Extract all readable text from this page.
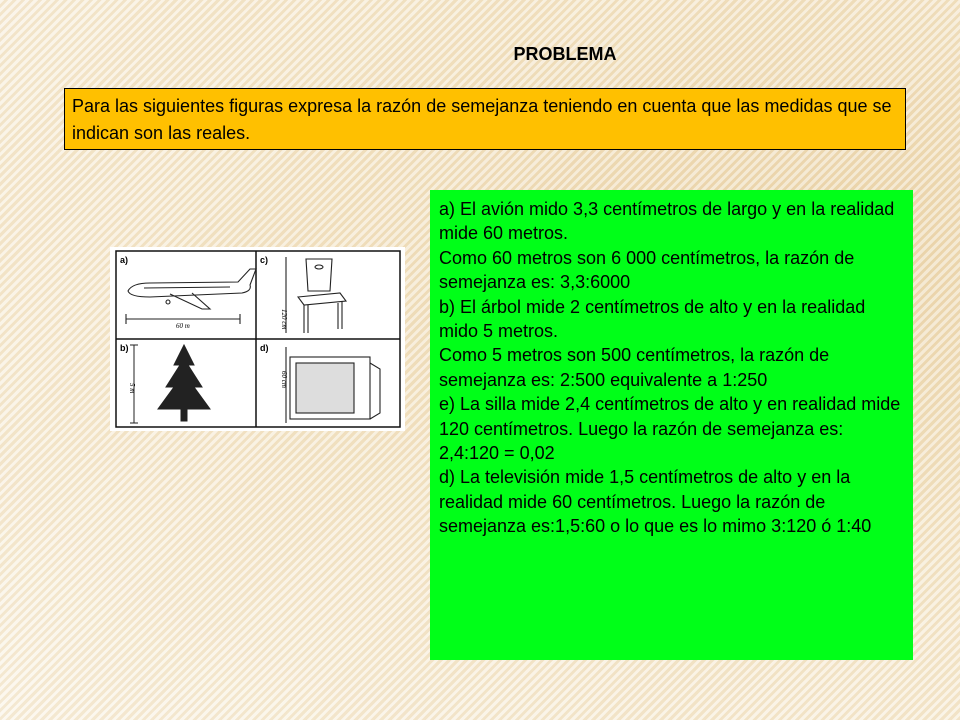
PROBLEMA
Para las siguientes figuras expresa la razón de semejanza teniendo en cuenta que las medidas que se indican son las reales.
a)	c)
b)	d)
60 m	120 cm
5 m
60 cm

a) El avión mido 3,3 centímetros de largo y en la realidad mide 60 metros.

Como 60 metros son 6 000 centímetros, la razón de semejanza es: 3,3:6000

b) El árbol mide 2 centímetros de alto y en la realidad mido 5 metros.

Como 5 metros son 500 centímetros, la razón de semejanza es: 2:500 equivalente a 1:250

e) La silla mide 2,4 centímetros de alto y en realidad mide 120 centímetros. Luego la razón de semejanza es: 2,4:120 = 0,02

d) La televisión mide 1,5 centímetros de alto y en la realidad mide 60 centímetros. Luego la razón de semejanza es:1,5:60 o lo que es lo mimo 3:120 ó 1:40
